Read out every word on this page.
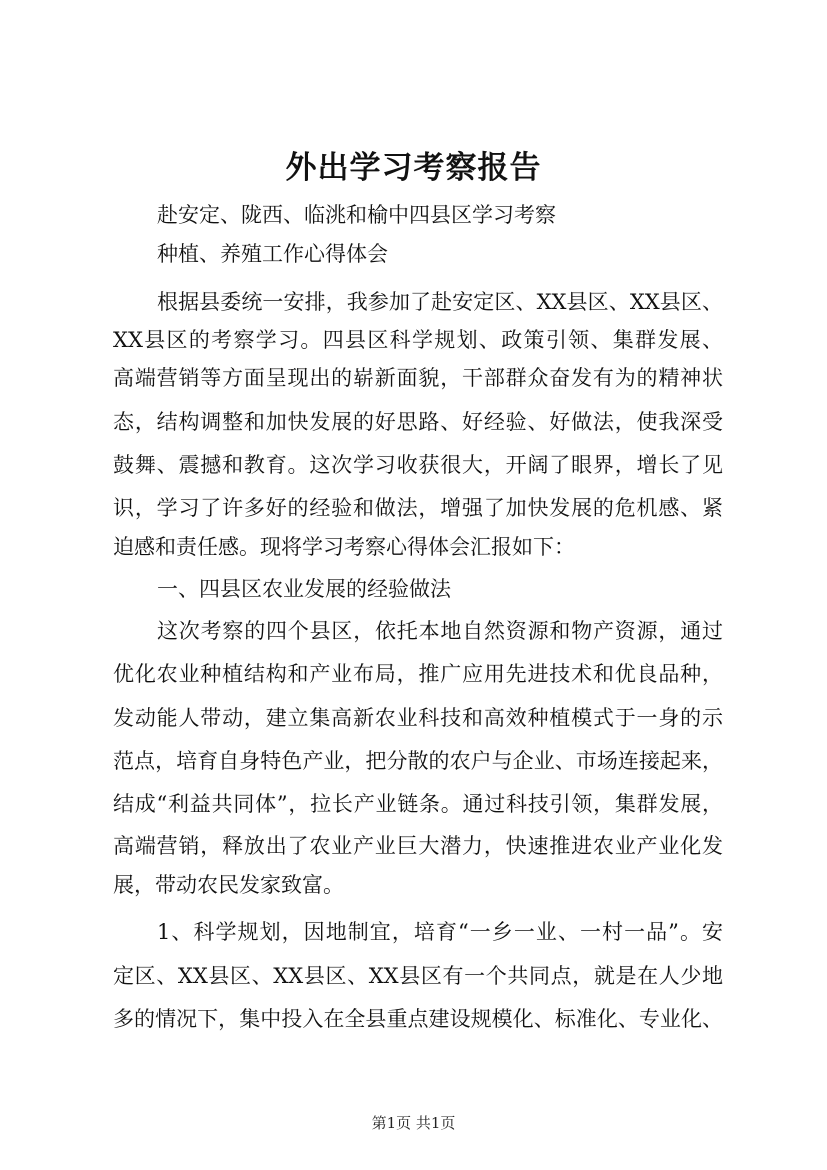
外出学习考察报告
赴安定、陇西、临洮和榆中四县区学习考察
种植、养殖工作心得体会
根据县委统一安排，我参加了赴安定区、XX县区、XX县区、
XX县区的考察学习。四县区科学规划、政策引领、集群发展、
高端营销等方面呈现出的崭新面貌，干部群众奋发有为的精神状
态，结构调整和加快发展的好思路、好经验、好做法，使我深受
鼓舞、震撼和教育。这次学习收获很大，开阔了眼界，增长了见
识，学习了许多好的经验和做法，增强了加快发展的危机感、紧
迫感和责任感。现将学习考察心得体会汇报如下：
一、四县区农业发展的经验做法
这次考察的四个县区，依托本地自然资源和物产资源，通过
优化农业种植结构和产业布局，推广应用先进技术和优良品种，
发动能人带动，建立集高新农业科技和高效种植模式于一身的示
范点，培育自身特色产业，把分散的农户与企业、市场连接起来，
结成“利益共同体”，拉长产业链条。通过科技引领，集群发展，
高端营销，释放出了农业产业巨大潜力，快速推进农业产业化发
展，带动农民发家致富。
1、科学规划，因地制宜，培育“一乡一业、一村一品”。安
定区、XX县区、XX县区、XX县区有一个共同点，就是在人少地
多的情况下，集中投入在全县重点建设规模化、标准化、专业化、
第1页 共1页
